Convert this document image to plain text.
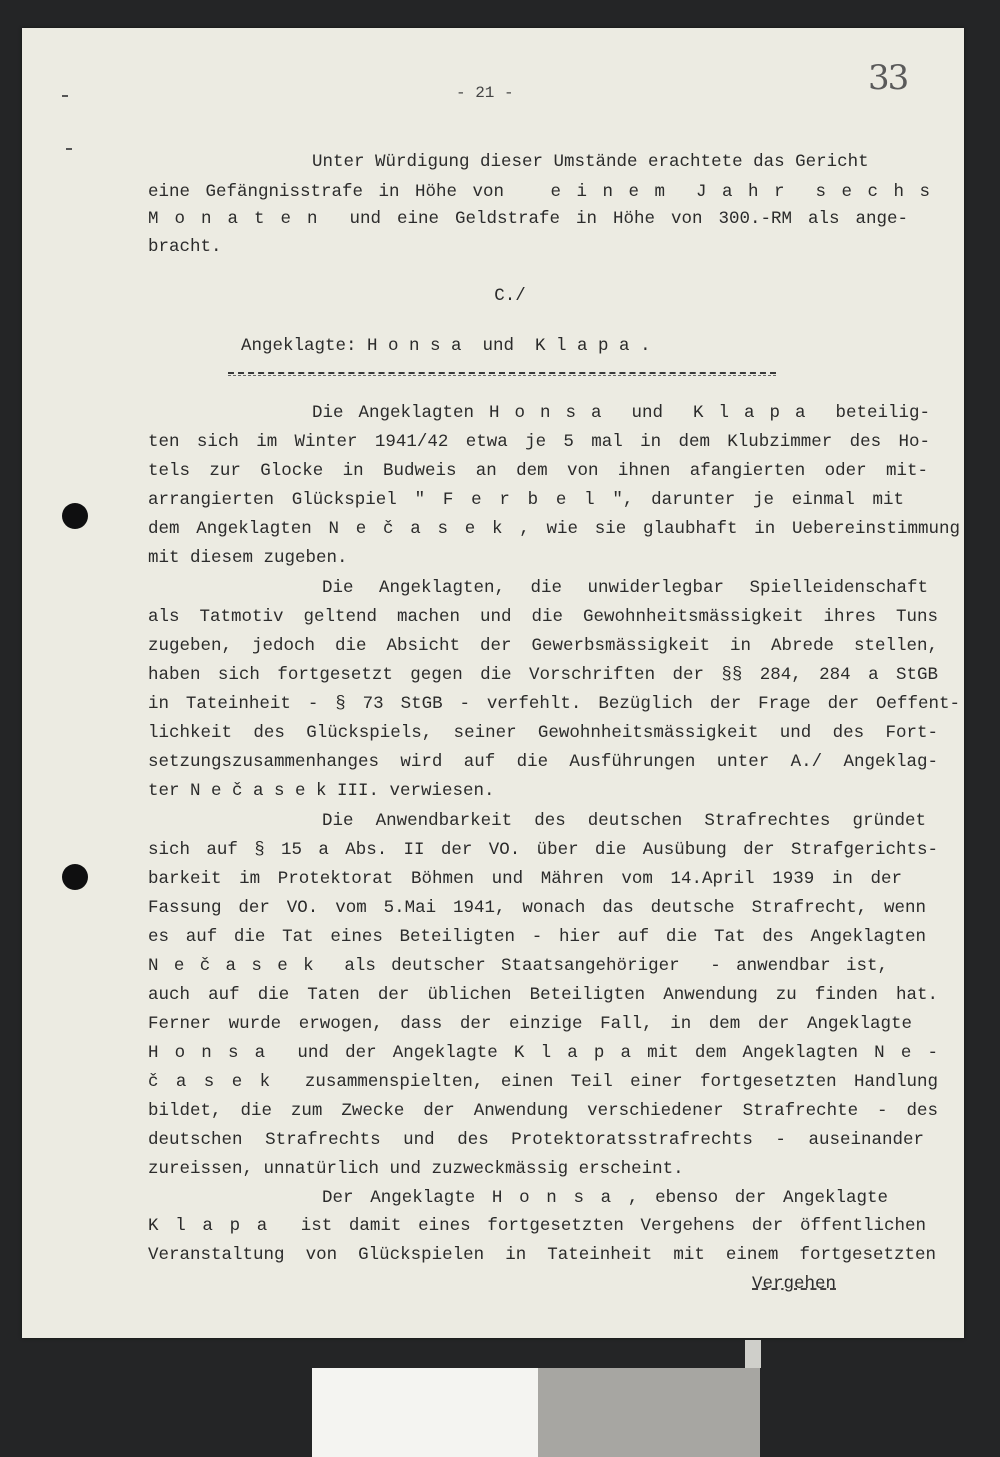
- 21 -	33

Unter Würdigung dieser Umstände erachtete das Gericht

eine Gefängnisstrafe in Höhe von   e i n e m  J a h r  s e c h s

M o n a t e n  und eine Geldstrafe in Höhe von 300.-RM als ange-

bracht.

C./
Angeklagte: H o n s a  und  K l a p a .

Die Angeklagten H o n s a  und  K l a p a  beteilig-

ten sich im Winter 1941/42 etwa je 5 mal in dem Klubzimmer des Ho-

tels zur Glocke in Budweis an dem von ihnen afangierten oder mit-

arrangierten Glückspiel " F e r b e l ", darunter je einmal mit

dem Angeklagten N e č a s e k , wie sie glaubhaft in Uebereinstimmung

mit diesem zugeben.

Die Angeklagten, die unwiderlegbar Spielleidenschaft

als Tatmotiv geltend machen und die Gewohnheitsmässigkeit ihres Tuns

zugeben, jedoch die Absicht der Gewerbsmässigkeit in Abrede stellen,

haben sich fortgesetzt gegen die Vorschriften der §§ 284, 284 a StGB

in Tateinheit - § 73 StGB - verfehlt. Bezüglich der Frage der Oeffent-

lichkeit des Glückspiels, seiner Gewohnheitsmässigkeit und des Fort-

setzungszusammenhanges wird auf die Ausführungen unter A./ Angeklag-

ter N e č a s e k III. verwiesen.

Die Anwendbarkeit des deutschen Strafrechtes gründet

sich auf § 15 a Abs. II der VO. über die Ausübung der Strafgerichts-

barkeit im Protektorat Böhmen und Mähren vom 14.April 1939 in der

Fassung der VO. vom 5.Mai 1941, wonach das deutsche Strafrecht, wenn

es auf die Tat eines Beteiligten - hier auf die Tat des Angeklagten

N e č a s e k  als deutscher Staatsangehöriger  - anwendbar ist,

auch auf die Taten der üblichen Beteiligten Anwendung zu finden hat.

Ferner wurde erwogen, dass der einzige Fall, in dem der Angeklagte

H o n s a  und der Angeklagte K l a p a mit dem Angeklagten N e -

č a s e k  zusammenspielten, einen Teil einer fortgesetzten Handlung

bildet, die zum Zwecke der Anwendung verschiedener Strafrechte - des

deutschen Strafrechts und des Protektoratsstrafrechts - auseinander

zureissen, unnatürlich und zuzweckmässig erscheint.

Der Angeklagte H o n s a , ebenso der Angeklagte

K l a p a  ist damit eines fortgesetzten Vergehens der öffentlichen

Veranstaltung von Glückspielen in Tateinheit mit einem fortgesetzten

Vergehen
